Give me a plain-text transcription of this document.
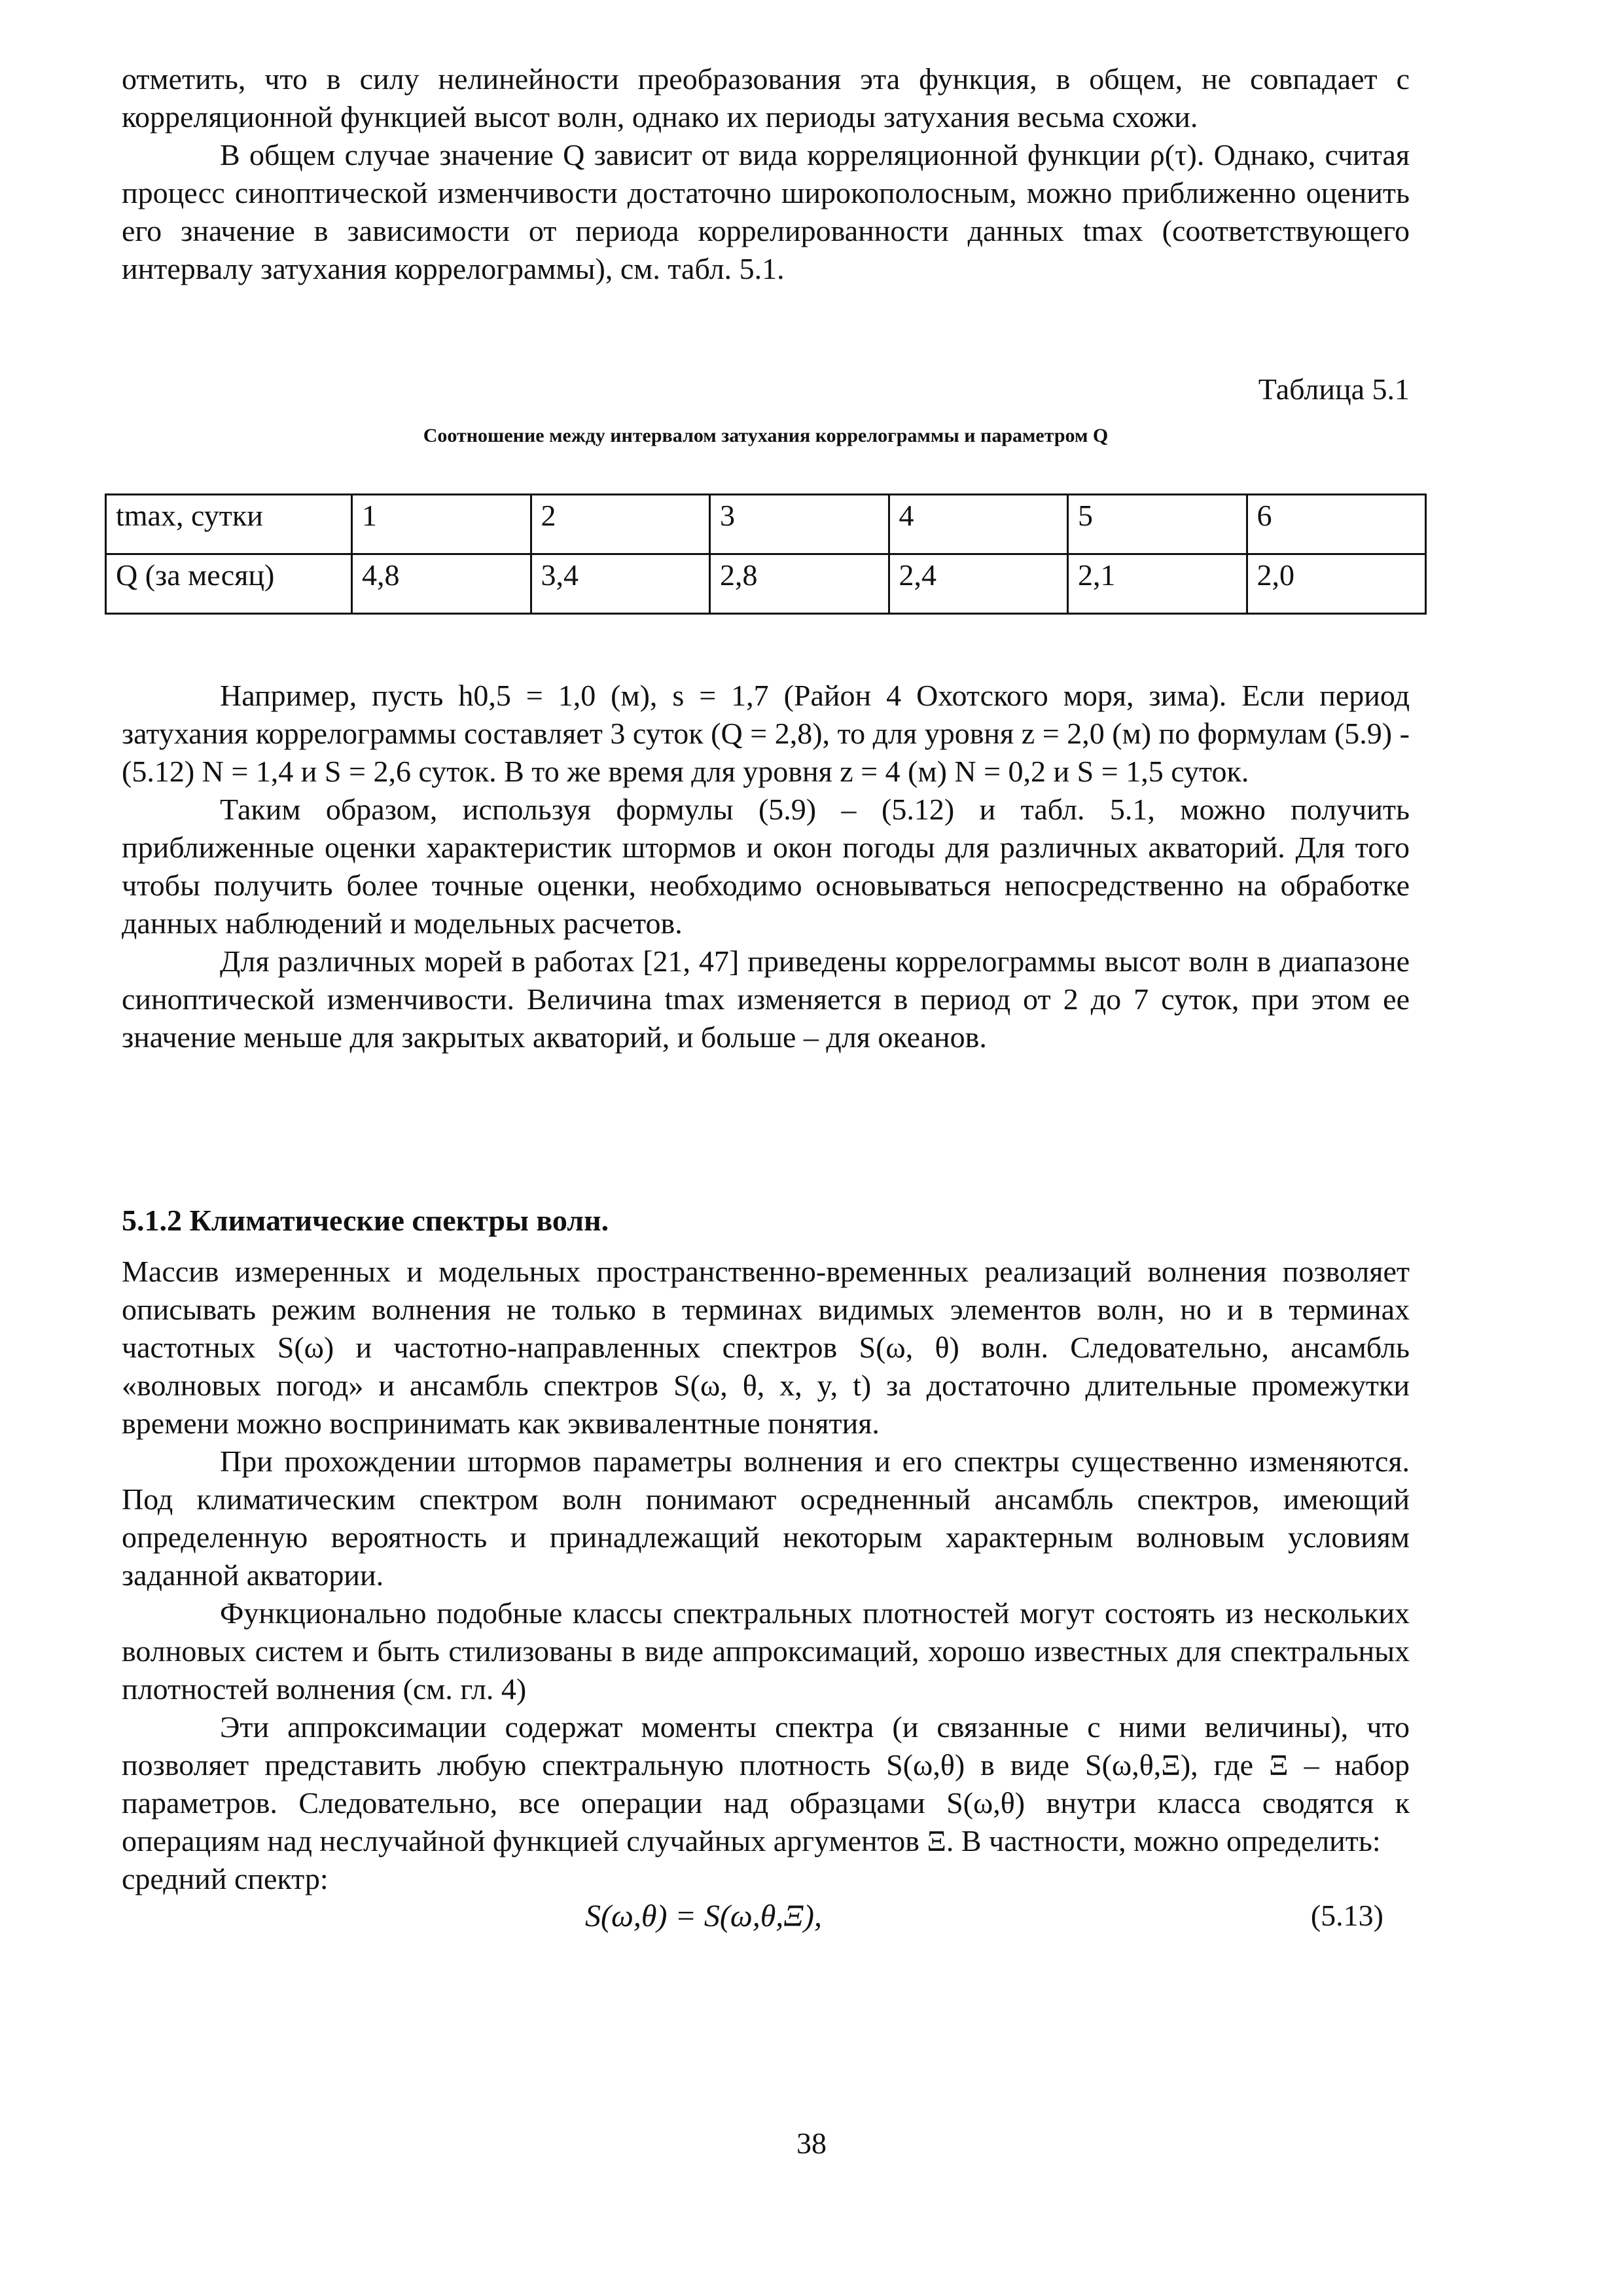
отметить, что в силу нелинейности преобразования эта функция, в общем, не совпадает с корреляционной функцией высот волн, однако их периоды затухания весьма схожи.

В общем случае значение Q зависит от вида корреляционной функции ρ(τ). Однако, считая процесс синоптической изменчивости достаточно широкополосным, можно приближенно оценить его значение в зависимости от периода коррелированности данных tmax (соответствующего интервалу затухания коррелограммы), см. табл. 5.1.

Таблица 5.1

Соотношение между интервалом затухания коррелограммы и параметром Q

tmax, сутки	1	2	3	4	5	6
Q (за месяц)	4,8	3,4	2,8	2,4	2,1	2,0

Например, пусть h0,5 = 1,0 (м), s = 1,7 (Район 4 Охотского моря, зима). Если период затухания коррелограммы составляет 3 суток (Q = 2,8), то для уровня z = 2,0 (м) по формулам (5.9) - (5.12) N = 1,4 и S = 2,6 суток. В то же время для уровня z = 4 (м) N = 0,2 и S = 1,5 суток.

Таким образом, используя формулы (5.9) – (5.12) и табл. 5.1, можно получить приближенные оценки характеристик штормов и окон погоды для различных акваторий. Для того чтобы получить более точные оценки, необходимо основываться непосредственно на обработке данных наблюдений и модельных расчетов.

Для различных морей в работах [21, 47] приведены коррелограммы высот волн в диапазоне синоптической изменчивости. Величина tmax изменяется в период от 2 до 7 суток, при этом ее значение меньше для закрытых акваторий, и больше – для океанов.

5.1.2 Климатические спектры волн.

Массив измеренных и модельных пространственно-временных реализаций волнения позволяет описывать режим волнения не только в терминах видимых элементов волн, но и в терминах частотных S(ω) и частотно-направленных спектров S(ω, θ) волн. Следовательно, ансамбль «волновых погод» и ансамбль спектров S(ω, θ, x, y, t) за достаточно длительные промежутки времени можно воспринимать как эквивалентные понятия.

При прохождении штормов параметры волнения и его спектры существенно изменяются. Под климатическим спектром волн понимают осредненный ансамбль спектров, имеющий определенную вероятность и принадлежащий некоторым характерным волновым условиям заданной акватории.

Функционально подобные классы спектральных плотностей могут состоять из нескольких волновых систем и быть стилизованы в виде аппроксимаций, хорошо известных для спектральных плотностей волнения (см. гл. 4)

Эти аппроксимации содержат моменты спектра (и связанные с ними величины), что позволяет представить любую спектральную плотность S(ω,θ) в виде S(ω,θ,Ξ), где Ξ – набор параметров. Следовательно, все операции над образцами S(ω,θ) внутри класса сводятся к операциям над неслучайной функцией случайных аргументов Ξ. В частности, можно определить:

средний спектр:

S(ω,θ) = S(ω,θ,Ξ),	(5.13)
38
